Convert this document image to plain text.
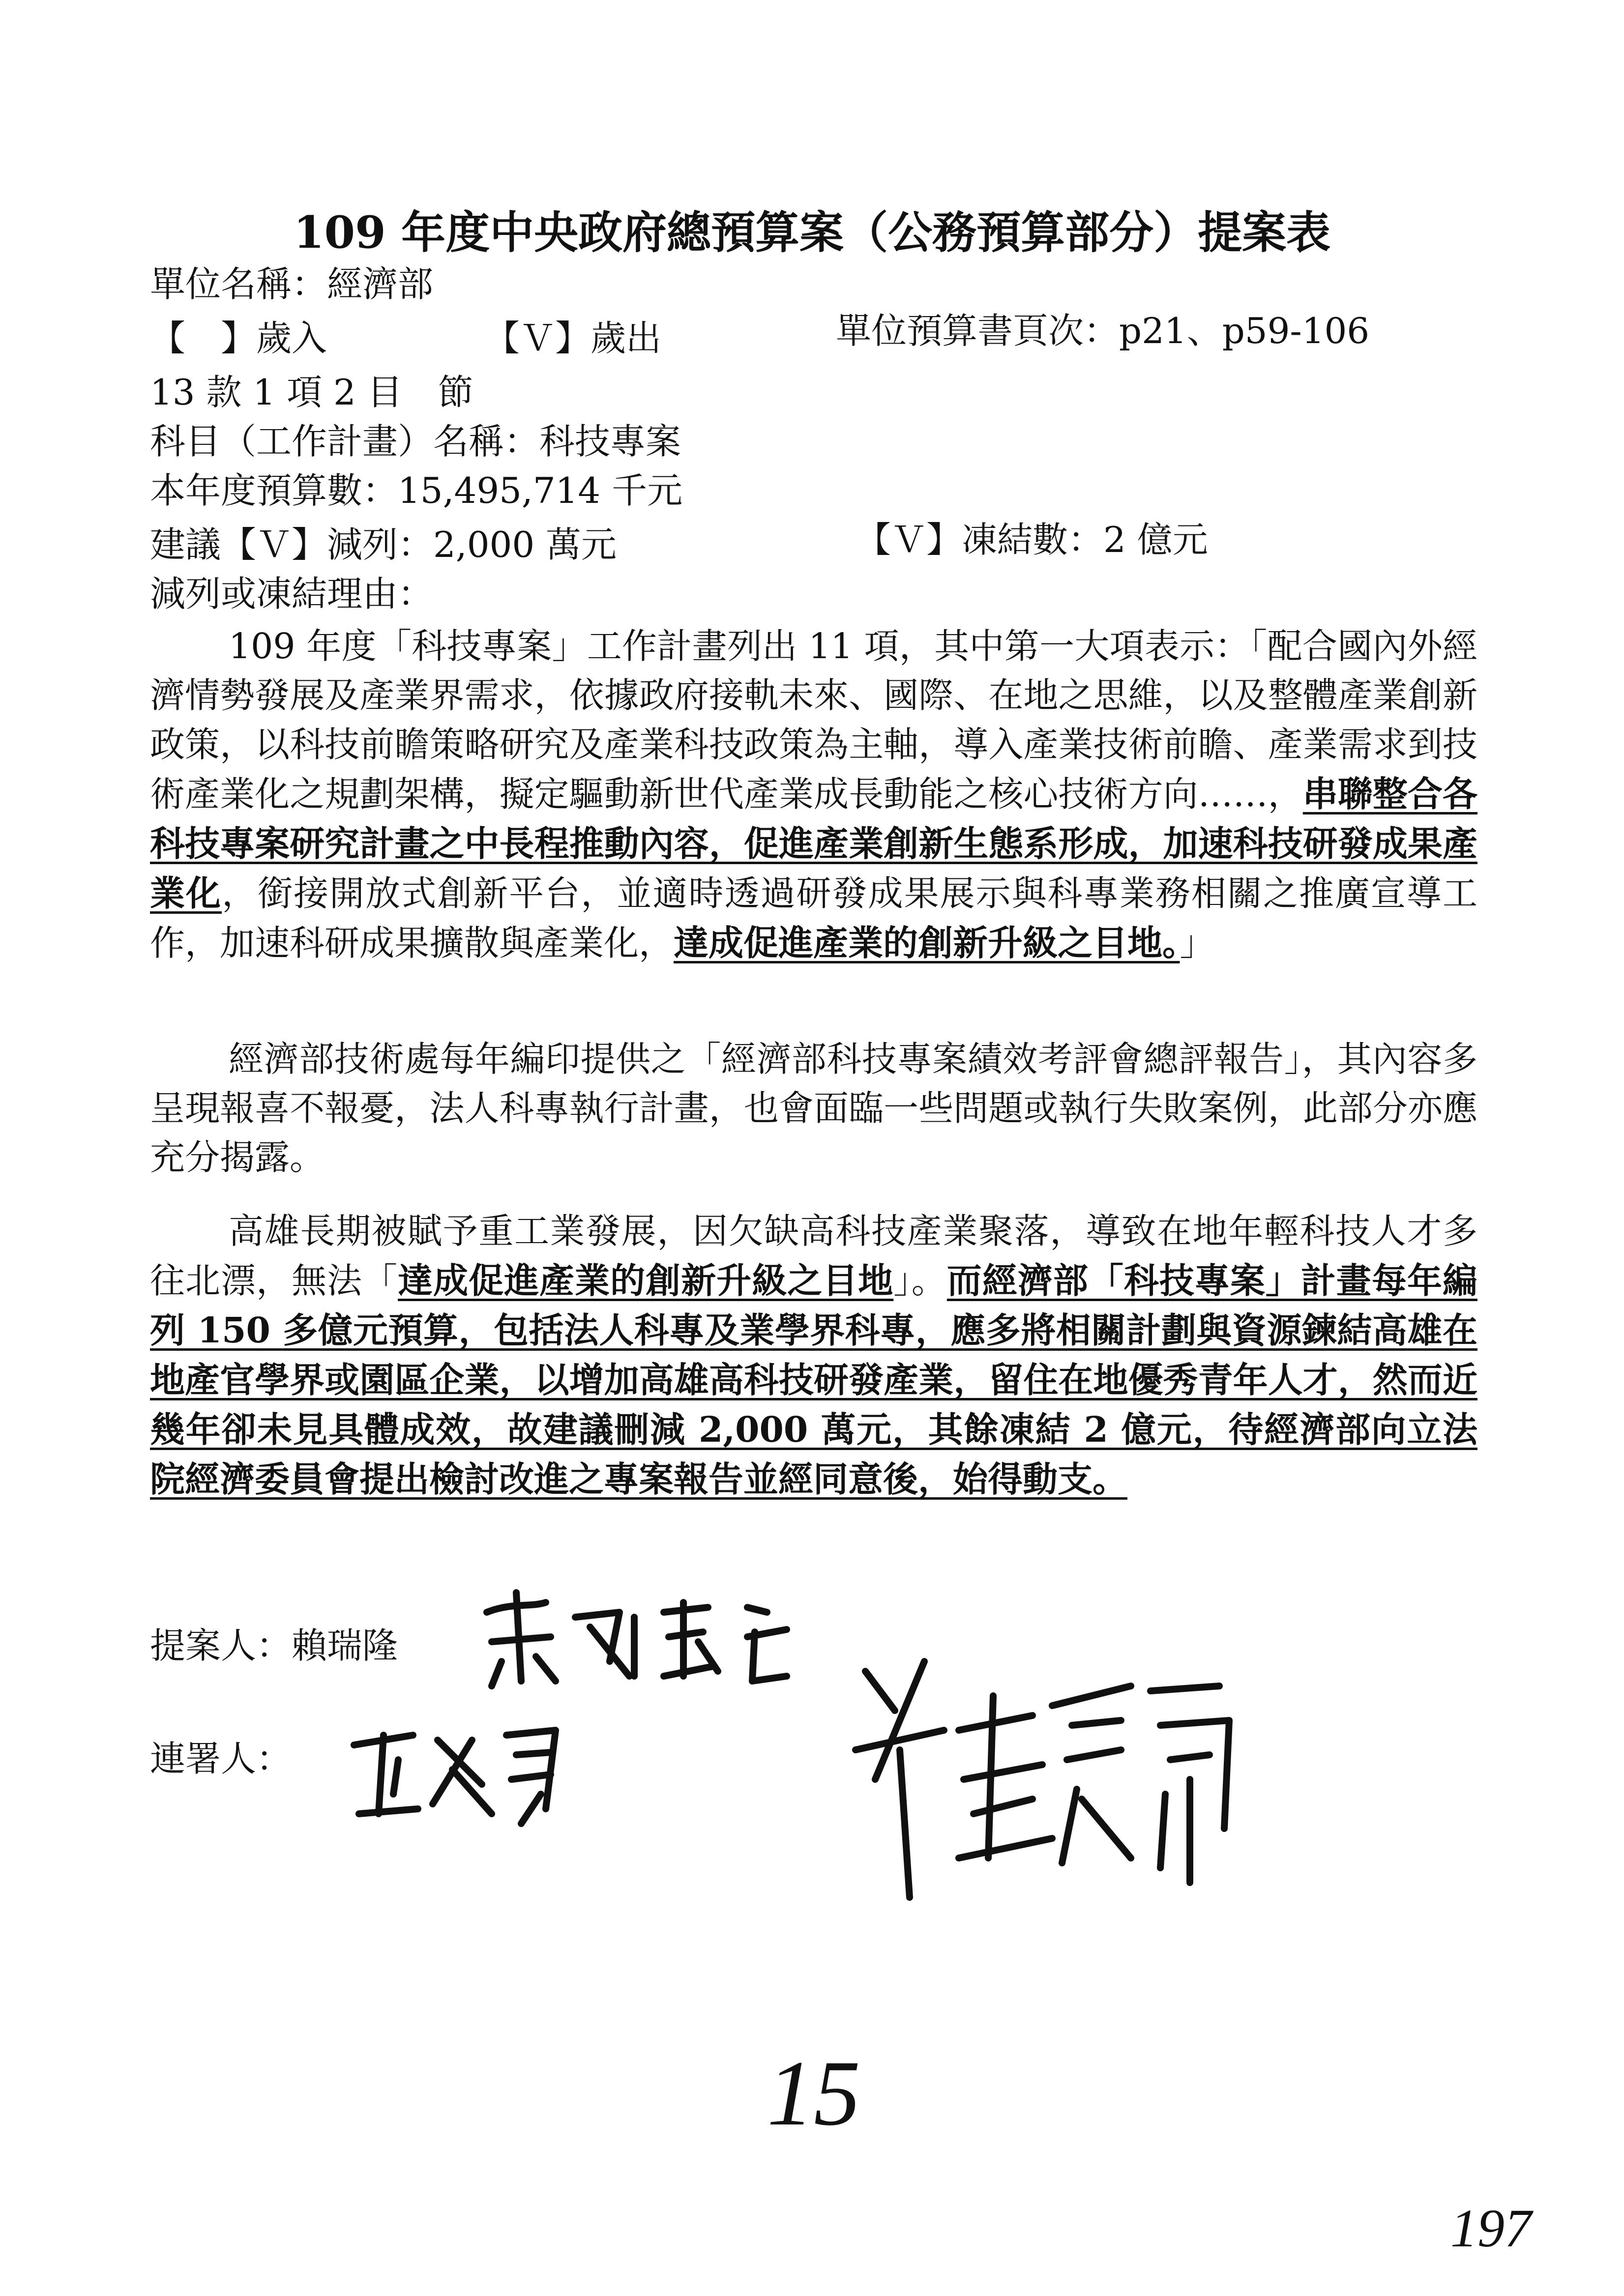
109 年度中央政府總預算案（公務預算部分）提案表
單位名稱：經濟部
【　】歲入	【Ｖ】歲出	單位預算書頁次：p21、p59-106
13 款 1 項 2 目　節
科目（工作計畫）名稱：科技專案
本年度預算數：15,495,714 千元
建議【Ｖ】減列：2,000 萬元	【Ｖ】凍結數：2 億元
減列或凍結理由：

109 年度「科技專案」工作計畫列出 11 項，其中第一大項表示：「配合國內外經濟情勢發展及產業界需求，依據政府接軌未來、國際、在地之思維，以及整體產業創新政策，以科技前瞻策略研究及產業科技政策為主軸，導入產業技術前瞻、產業需求到技術產業化之規劃架構，擬定驅動新世代產業成長動能之核心技術方向……，串聯整合各科技專案研究計畫之中長程推動內容，促進產業創新生態系形成，加速科技研發成果產業化，銜接開放式創新平台，並適時透過研發成果展示與科專業務相關之推廣宣導工作，加速科研成果擴散與產業化，達成促進產業的創新升級之目地。」

經濟部技術處每年編印提供之「經濟部科技專案績效考評會總評報告」，其內容多呈現報喜不報憂，法人科專執行計畫，也會面臨一些問題或執行失敗案例，此部分亦應充分揭露。

高雄長期被賦予重工業發展，因欠缺高科技產業聚落，導致在地年輕科技人才多往北漂，無法「達成促進產業的創新升級之目地」。而經濟部「科技專案」計畫每年編列 150 多億元預算，包括法人科專及業學界科專，應多將相關計劃與資源鍊結高雄在地產官學界或園區企業，以增加高雄高科技研發產業，留住在地優秀青年人才，然而近幾年卻未見具體成效，故建議刪減 2,000 萬元，其餘凍結 2 億元，待經濟部向立法院經濟委員會提出檢討改進之專案報告並經同意後，始得動支。

提案人：賴瑞隆
連署人：
15
197
